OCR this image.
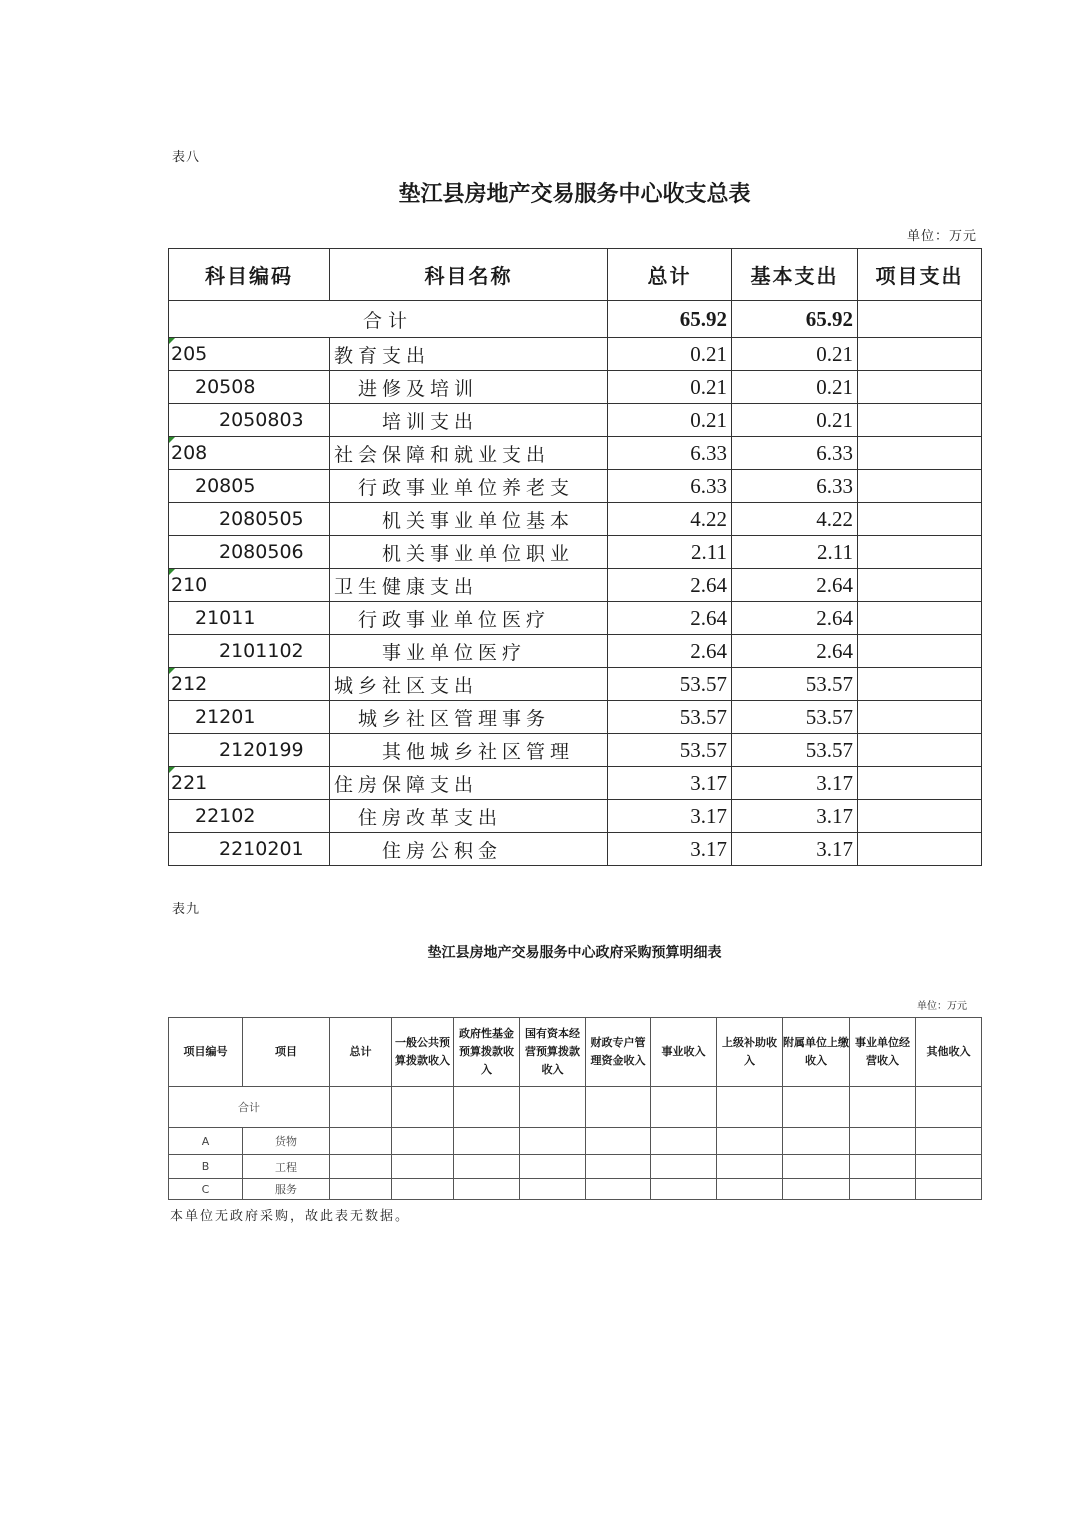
表八
垫江县房地产交易服务中心收支总表
单位：万元
科目编码	科目名称	总计	基本支出	项目支出
合计		65.92	65.92	
205	教育支出	0.21	0.21	
20508	进修及培训	0.21	0.21	
2050803	培训支出	0.21	0.21	
208	社会保障和就业支出	6.33	6.33	
20805	行政事业单位养老支	6.33	6.33	
2080505	机关事业单位基本	4.22	4.22	
2080506	机关事业单位职业	2.11	2.11	
210	卫生健康支出	2.64	2.64	
21011	行政事业单位医疗	2.64	2.64	
2101102	事业单位医疗	2.64	2.64	
212	城乡社区支出	53.57	53.57	
21201	城乡社区管理事务	53.57	53.57	
2120199	其他城乡社区管理	53.57	53.57	
221	住房保障支出	3.17	3.17	
22102	住房改革支出	3.17	3.17	
2210201	住房公积金	3.17	3.17	
表九
垫江县房地产交易服务中心政府采购预算明细表
单位：万元
项目编号	项目	总计	一般公共预算拨款收入	政府性基金预算拨款收入	国有资本经营预算拨款收入	财政专户管理资金收入	事业收入	上级补助收入	附属单位上缴收入	事业单位经营收入	其他收入
合计											
A	货物										
B	工程										
C	服务										
本单位无政府采购，故此表无数据。
